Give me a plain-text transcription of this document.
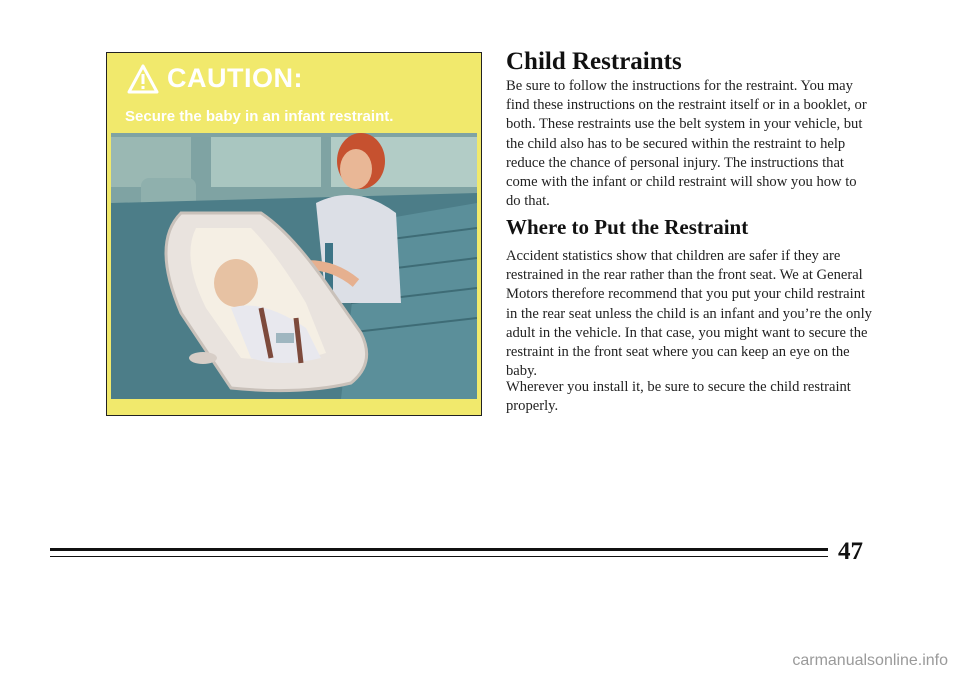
CAUTION:
Secure the baby in an infant restraint.
Child Restraints

Be sure to follow the instructions for the restraint. You may find these instructions on the restraint itself or in a booklet, or both. These restraints use the belt system in your vehicle, but the child also has to be secured within the restraint to help reduce the chance of personal injury. The instructions that come with the infant or child restraint will show you how to do that.

Where to Put the Restraint

Accident statistics show that children are safer if they are restrained in the rear rather than the front seat. We at General Motors therefore recommend that you put your child restraint in the rear seat unless the child is an infant and you’re the only adult in the vehicle. In that case, you might want to secure the restraint in the front seat where you can keep an eye on the baby.

Wherever you install it, be sure to secure the child restraint properly.

47
carmanualsonline.info
